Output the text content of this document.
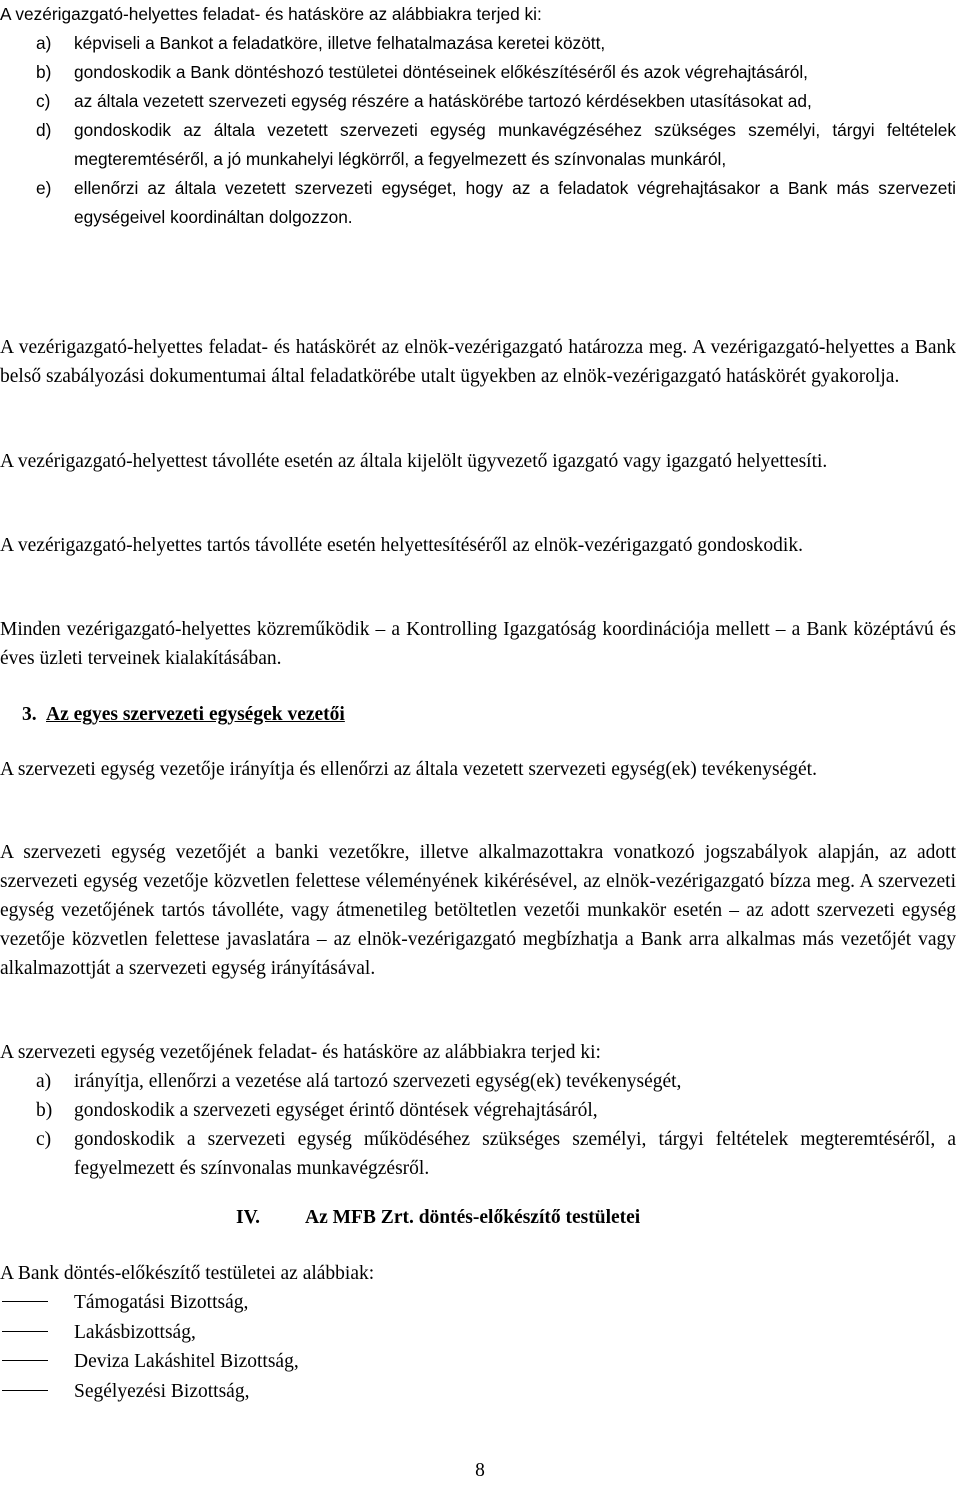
A vezérigazgató-helyettes feladat- és hatásköre az alábbiakra terjed ki:

a)	képviseli a Bankot a feladatköre, illetve felhatalmazása keretei között,
b)	gondoskodik a Bank döntéshozó testületei döntéseinek előkészítéséről és azok végrehajtásáról,
c)	az általa vezetett szervezeti egység részére a hatáskörébe tartozó kérdésekben utasításokat ad,
d)	gondoskodik az általa vezetett szervezeti egység munkavégzéséhez szükséges személyi, tárgyi feltételek megteremtéséről, a jó munkahelyi légkörről, a fegyelmezett és színvonalas munkáról,
e)	ellenőrzi az általa vezetett szervezeti egységet, hogy az a feladatok végrehajtásakor a Bank más szervezeti egységeivel koordináltan dolgozzon.

A vezérigazgató-helyettes feladat- és hatáskörét az elnök-vezérigazgató határozza meg. A vezérigazgató-helyettes a Bank belső szabályozási dokumentumai által feladatkörébe utalt ügyekben az elnök-vezérigazgató hatáskörét gyakorolja.

A vezérigazgató-helyettest távolléte esetén az általa kijelölt ügyvezető igazgató vagy igazgató helyettesíti.

A vezérigazgató-helyettes tartós távolléte esetén helyettesítéséről az elnök-vezérigazgató gondoskodik.

Minden vezérigazgató-helyettes közreműködik – a Kontrolling Igazgatóság koordinációja mellett – a Bank középtávú és éves üzleti terveinek kialakításában.

3. Az egyes szervezeti egységek vezetői

A szervezeti egység vezetője irányítja és ellenőrzi az általa vezetett szervezeti egység(ek) tevékenységét.

A szervezeti egység vezetőjét a banki vezetőkre, illetve alkalmazottakra vonatkozó jogszabályok alapján, az adott szervezeti egység vezetője közvetlen felettese véleményének kikérésével, az elnök-vezérigazgató bízza meg. A szervezeti egység vezetőjének tartós távolléte, vagy átmenetileg betöltetlen vezetői munkakör esetén – az adott szervezeti egység vezetője közvetlen felettese javaslatára – az elnök-vezérigazgató megbízhatja a Bank arra alkalmas más vezetőjét vagy alkalmazottját a szervezeti egység irányításával.

A szervezeti egység vezetőjének feladat- és hatásköre az alábbiakra terjed ki:

a)	irányítja, ellenőrzi a vezetése alá tartozó szervezeti egység(ek) tevékenységét,
b)	gondoskodik a szervezeti egységet érintő döntések végrehajtásáról,
c)	gondoskodik a szervezeti egység működéséhez szükséges személyi, tárgyi feltételek megteremtéséről, a fegyelmezett és színvonalas munkavégzésről.
IV. Az MFB Zrt. döntés-előkészítő testületei

A Bank döntés-előkészítő testületei az alábbiak:

Támogatási Bizottság,
Lakásbizottság,
Deviza Lakáshitel Bizottság,
Segélyezési Bizottság,
8
